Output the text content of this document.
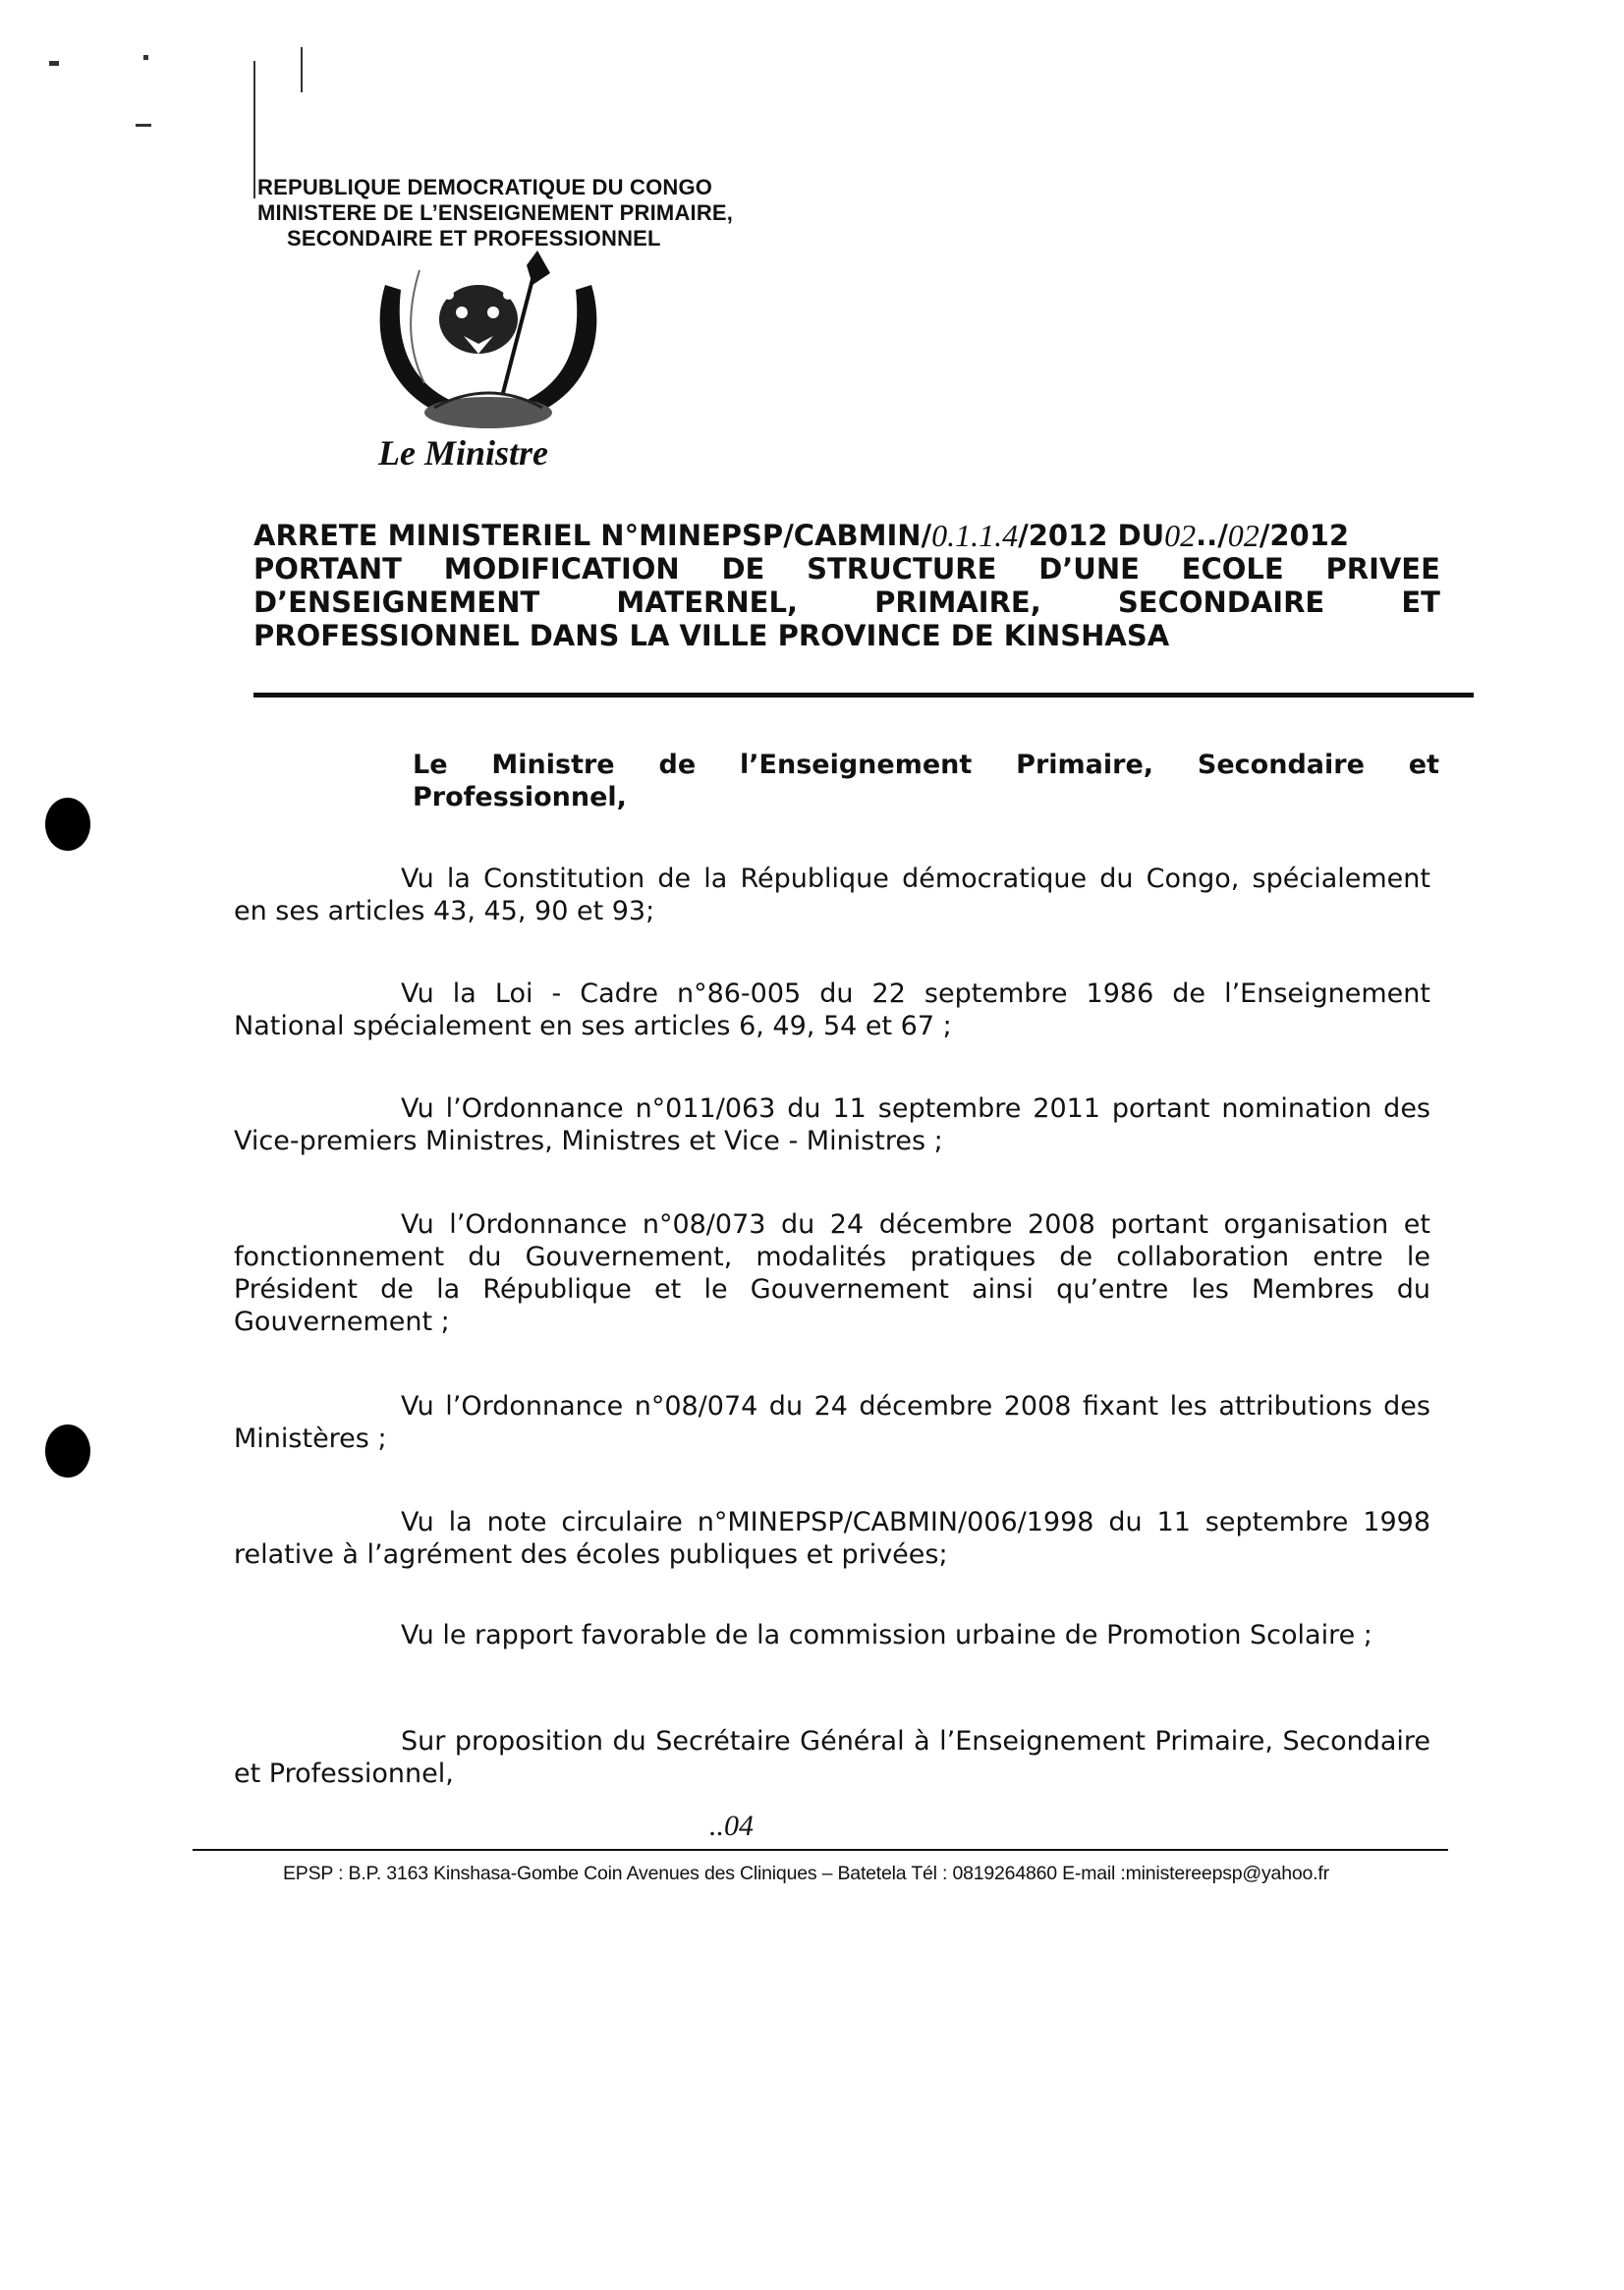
REPUBLIQUE DEMOCRATIQUE DU CONGO
MINISTERE DE L’ENSEIGNEMENT PRIMAIRE,
SECONDAIRE ET PROFESSIONNEL
Le Ministre
ARRETE MINISTERIEL N°MINEPSP/CABMIN/ 0.1.1.4 /2012 DU 02 ../ 02 /2012
PORTANT MODIFICATION DE STRUCTURE D’UNE ECOLE PRIVEE
D’ENSEIGNEMENT	MATERNEL,	PRIMAIRE,	SECONDAIRE	ET
PROFESSIONNEL DANS LA VILLE PROVINCE DE KINSHASA
Le Ministre de l’Enseignement Primaire, Secondaire et Professionnel,
Vu la Constitution de la République démocratique du Congo, spécialement en ses articles 43, 45, 90 et 93;
Vu la Loi - Cadre n°86-005 du 22 septembre 1986 de l’Enseignement National spécialement en ses articles 6, 49, 54 et 67 ;
Vu l’Ordonnance n°011/063 du 11 septembre 2011 portant nomination des Vice-premiers Ministres, Ministres et Vice - Ministres ;
Vu l’Ordonnance n°08/073 du 24 décembre 2008 portant organisation et fonctionnement du Gouvernement, modalités pratiques de collaboration entre le Président de la République et le Gouvernement ainsi qu’entre les Membres du Gouvernement ;
Vu l’Ordonnance n°08/074 du 24 décembre 2008 fixant les attributions des Ministères ;
Vu la note circulaire n°MINEPSP/CABMIN/006/1998 du 11 septembre 1998 relative à l’agrément des écoles publiques et privées;
Vu le rapport favorable de la commission urbaine de Promotion Scolaire ;
Sur proposition du Secrétaire Général à l’Enseignement Primaire, Secondaire et Professionnel,
..04
EPSP : B.P. 3163 Kinshasa-Gombe Coin Avenues des Cliniques – Batetela Tél : 0819264860 E-mail :ministereepsp@yahoo.fr
